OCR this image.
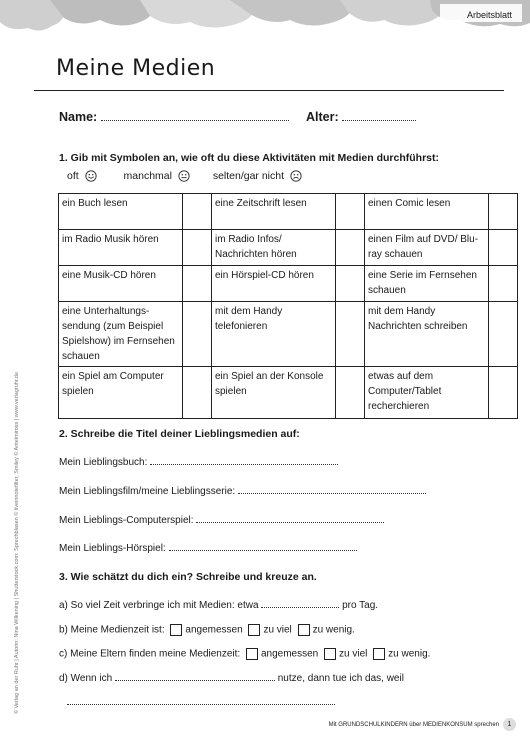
Arbeitsblatt
Meine Medien
© Verlag an der Ruhr | Autorin: Nina Wilkening | Shutterstock.com: Sprechblasen © liveinnotefilter, Smiley © Antelmiross | www.verlagruhr.de
Name:	Alter:
1. Gib mit Symbolen an, wie oft du diese Aktivitäten mit Medien durchführst:
oft	manchmal	selten/gar nicht
ein Buch lesen		eine Zeitschrift lesen		einen Comic lesen	
im Radio Musik hören		im Radio Infos/ Nachrichten hören		einen Film auf DVD/ Blu-ray schauen	
eine Musik-CD hören		ein Hörspiel-CD hören		eine Serie im Fernsehen schauen	
eine Unterhaltungs-sendung (zum Beispiel Spielshow) im Fernsehen schauen		mit dem Handy telefonieren		mit dem Handy Nachrichten schreiben	
ein Spiel am Computer spielen		ein Spiel an der Konsole spielen		etwas auf dem Computer/Tablet recherchieren	
2. Schreibe die Titel deiner Lieblingsmedien auf:
Mein Lieblingsbuch:
Mein Lieblingsfilm/meine Lieblingsserie:
Mein Lieblings-Computerspiel:
Mein Lieblings-Hörspiel:
3. Wie schätzt du dich ein? Schreibe und kreuze an.
a) So viel Zeit verbringe ich mit Medien: etwa	pro Tag.
b) Meine Medienzeit ist: angemessen zu viel zu wenig.
c) Meine Eltern finden meine Medienzeit: angemessen zu viel zu wenig.
d) Wenn ich	nutze, dann tue ich das, weil
Mit GRUNDSCHULKINDERN über MEDIENKONSUM sprechen 1
